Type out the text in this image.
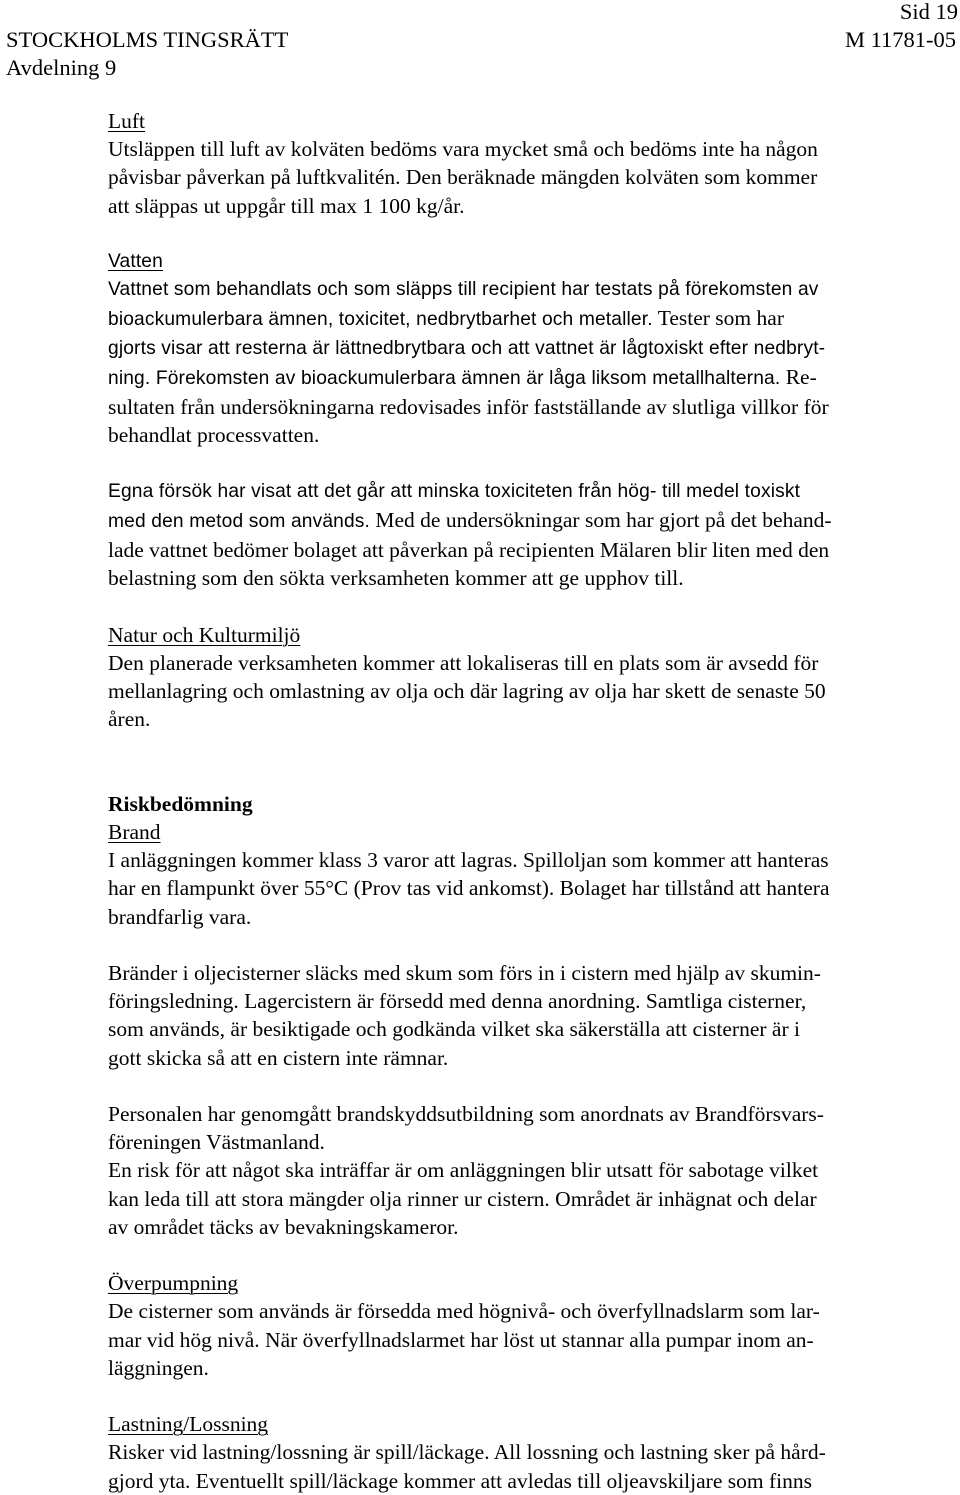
Sid 19
STOCKHOLMS TINGSRÄTT	M 11781-05
Avdelning 9
Luft
Utsläppen till luft av kolväten bedöms vara mycket små och bedöms inte ha någon
påvisbar påverkan på luftkvalitén. Den beräknade mängden kolväten som kommer
att släppas ut uppgår till max 1 100 kg/år.
Vatten
Vattnet som behandlats och som släpps till recipient har testats på förekomsten av
bioackumulerbara ämnen, toxicitet, nedbrytbarhet och metaller. Tester som har
gjorts visar att resterna är lättnedbrytbara och att vattnet är lågtoxiskt efter nedbryt-
ning. Förekomsten av bioackumulerbara ämnen är låga liksom metallhalterna. Re-
sultaten från undersökningarna redovisades inför fastställande av slutliga villkor för
behandlat processvatten.
Egna försök har visat att det går att minska toxiciteten från hög- till medel toxiskt
med den metod som används. Med de undersökningar som har gjort på det behand-
lade vattnet bedömer bolaget att påverkan på recipienten Mälaren blir liten med den
belastning som den sökta verksamheten kommer att ge upphov till.
Natur och Kulturmiljö
Den planerade verksamheten kommer att lokaliseras till en plats som är avsedd för
mellanlagring och omlastning av olja och där lagring av olja har skett de senaste 50
åren.
Riskbedömning
Brand
I anläggningen kommer klass 3 varor att lagras. Spilloljan som kommer att hanteras
har en flampunkt över 55°C (Prov tas vid ankomst). Bolaget har tillstånd att hantera
brandfarlig vara.
Bränder i oljecisterner släcks med skum som förs in i cistern med hjälp av skumin-
föringsledning. Lagercistern är försedd med denna anordning. Samtliga cisterner,
som används, är besiktigade och godkända vilket ska säkerställa att cisterner är i
gott skicka så att en cistern inte rämnar.
Personalen har genomgått brandskyddsutbildning som anordnats av Brandförsvars-
föreningen Västmanland.
En risk för att något ska inträffar är om anläggningen blir utsatt för sabotage vilket
kan leda till att stora mängder olja rinner ur cistern. Området är inhägnat och delar
av området täcks av bevakningskameror.
Överpumpning
De cisterner som används är försedda med högnivå- och överfyllnadslarm som lar-
mar vid hög nivå. När överfyllnadslarmet har löst ut stannar alla pumpar inom an-
läggningen.
Lastning/Lossning
Risker vid lastning/lossning är spill/läckage. All lossning och lastning sker på hård-
gjord yta. Eventuellt spill/läckage kommer att avledas till oljeavskiljare som finns
